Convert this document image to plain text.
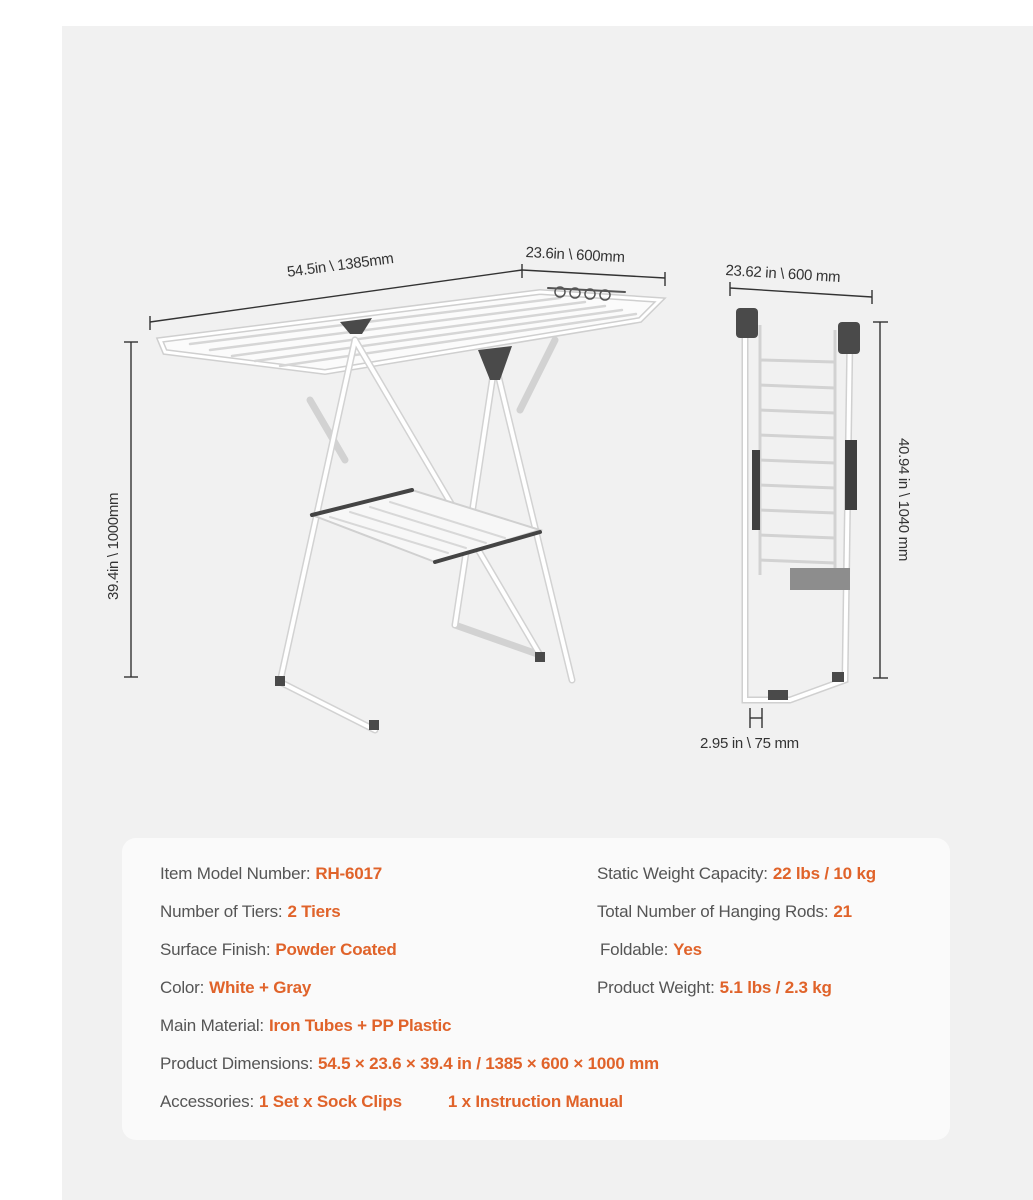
54.5in \ 1385mm	23.6in \ 600mm
39.4in \ 1000mm
23.62 in \ 600 mm
40.94 in \ 1040 mm
2.95 in \ 75 mm
Item Model Number: RH-6017
Number of Tiers: 2 Tiers
Surface Finish: Powder Coated
Color: White + Gray
Main Material: Iron Tubes + PP Plastic
Product Dimensions: 54.5 × 23.6 × 39.4 in / 1385 × 600 × 1000 mm
Accessories: 1 Set x Sock Clips	1 x Instruction Manual
Static Weight Capacity: 22 lbs / 10 kg
Total Number of Hanging Rods: 21
Foldable: Yes
Product Weight: 5.1 lbs / 2.3 kg
